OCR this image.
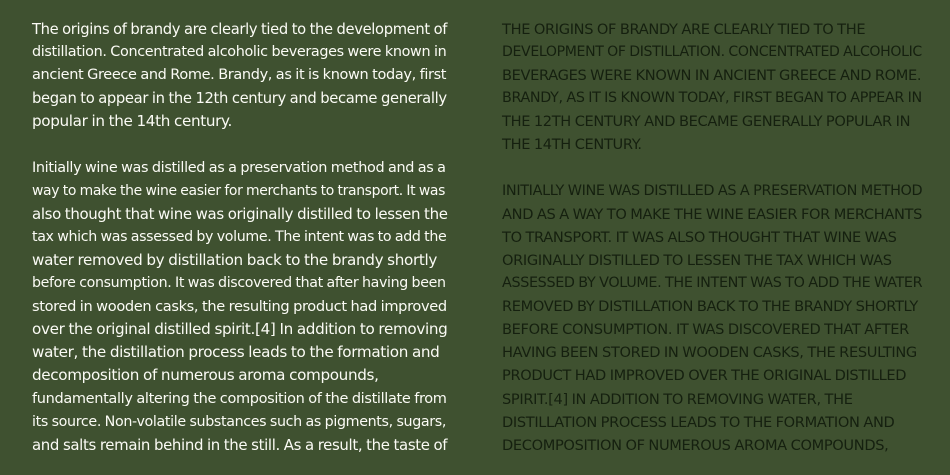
The origins of brandy are clearly tied to the development of

distillation. Concentrated alcoholic beverages were known in

ancient Greece and Rome. Brandy, as it is known today, first

began to appear in the 12th century and became generally

popular in the 14th century.

Initially wine was distilled as a preservation method and as a

way to make the wine easier for merchants to transport. It was

also thought that wine was originally distilled to lessen the

tax which was assessed by volume. The intent was to add the

water removed by distillation back to the brandy shortly

before consumption. It was discovered that after having been

stored in wooden casks, the resulting product had improved

over the original distilled spirit.[4] In addition to removing

water, the distillation process leads to the formation and

decomposition of numerous aroma compounds,

fundamentally altering the composition of the distillate from

its source. Non-volatile substances such as pigments, sugars,

and salts remain behind in the still. As a result, the taste of

THE ORIGINS OF BRANDY ARE CLEARLY TIED TO THE

DEVELOPMENT OF DISTILLATION. CONCENTRATED ALCOHOLIC

BEVERAGES WERE KNOWN IN ANCIENT GREECE AND ROME.

BRANDY, AS IT IS KNOWN TODAY, FIRST BEGAN TO APPEAR IN

THE 12TH CENTURY AND BECAME GENERALLY POPULAR IN

THE 14TH CENTURY.

INITIALLY WINE WAS DISTILLED AS A PRESERVATION METHOD

AND AS A WAY TO MAKE THE WINE EASIER FOR MERCHANTS

TO TRANSPORT. IT WAS ALSO THOUGHT THAT WINE WAS

ORIGINALLY DISTILLED TO LESSEN THE TAX WHICH WAS

ASSESSED BY VOLUME. THE INTENT WAS TO ADD THE WATER

REMOVED BY DISTILLATION BACK TO THE BRANDY SHORTLY

BEFORE CONSUMPTION. IT WAS DISCOVERED THAT AFTER

HAVING BEEN STORED IN WOODEN CASKS, THE RESULTING

PRODUCT HAD IMPROVED OVER THE ORIGINAL DISTILLED

SPIRIT.[4] IN ADDITION TO REMOVING WATER, THE

DISTILLATION PROCESS LEADS TO THE FORMATION AND

DECOMPOSITION OF NUMEROUS AROMA COMPOUNDS,
